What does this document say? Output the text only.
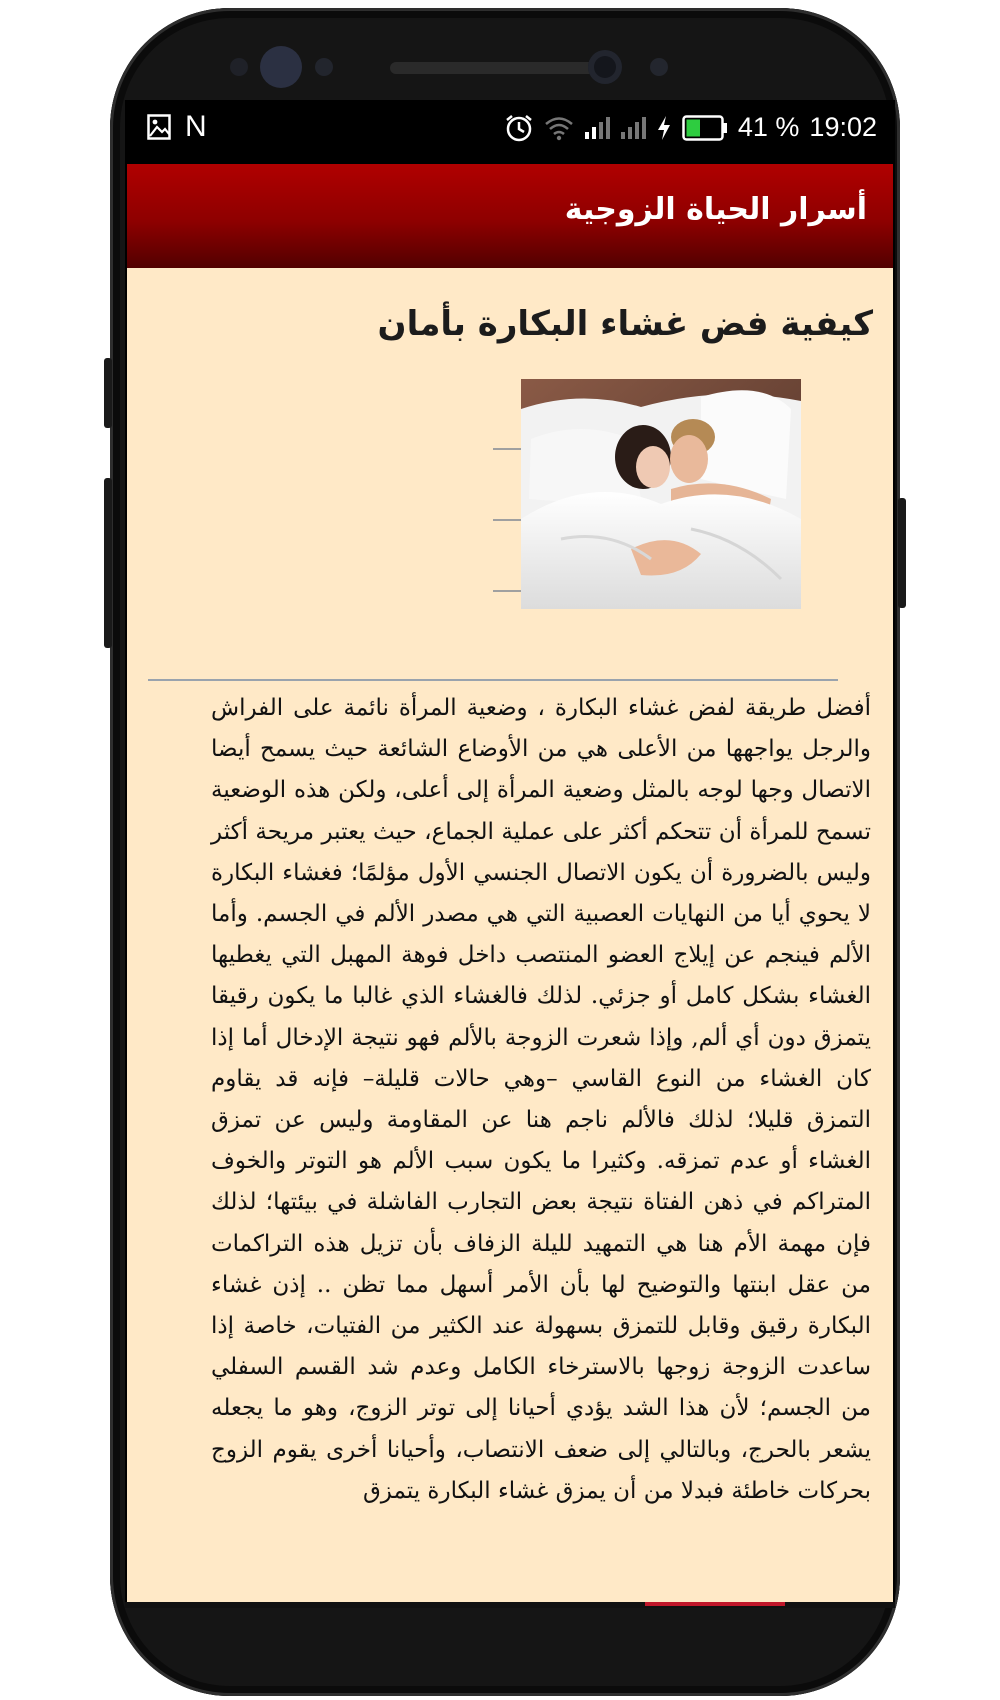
N	41 % 19:02
أسرار الحياة الزوجية
كيفية فض غشاء البكارة بأمان
أفضل طريقة لفض غشاء البكارة ، وضعية المرأة نائمة على الفراش والرجل يواجهها من الأعلى هي من الأوضاع الشائعة حيث يسمح أيضا الاتصال وجها لوجه بالمثل وضعية المرأة إلى أعلى، ولكن هذه الوضعية تسمح للمرأة أن تتحكم أكثر على عملية الجماع، حيث يعتبر مريحة أكثر وليس بالضرورة أن يكون الاتصال الجنسي الأول مؤلمًا؛ فغشاء البكارة لا يحوي أيا من النهايات العصبية التي هي مصدر الألم في الجسم. وأما الألم فينجم عن إيلاج العضو المنتصب داخل فوهة المهبل التي يغطيها الغشاء بشكل كامل أو جزئي. لذلك فالغشاء الذي غالبا ما يكون رقيقا يتمزق دون أي ألم, وإذا شعرت الزوجة بالألم فهو نتيجة الإدخال أما إذا كان الغشاء من النوع القاسي –وهي حالات قليلة– فإنه قد يقاوم التمزق قليلا؛ لذلك فالألم ناجم هنا عن المقاومة وليس عن تمزق الغشاء أو عدم تمزقه. وكثيرا ما يكون سبب الألم هو التوتر والخوف المتراكم في ذهن الفتاة نتيجة بعض التجارب الفاشلة في بيئتها؛ لذلك فإن مهمة الأم هنا هي التمهيد لليلة الزفاف بأن تزيل هذه التراكمات من عقل ابنتها والتوضيح لها بأن الأمر أسهل مما تظن .. إذن غشاء البكارة رقيق وقابل للتمزق بسهولة عند الكثير من الفتيات، خاصة إذا ساعدت الزوجة زوجها بالاسترخاء الكامل وعدم شد القسم السفلي من الجسم؛ لأن هذا الشد يؤدي أحيانا إلى توتر الزوج، وهو ما يجعله يشعر بالحرج، وبالتالي إلى ضعف الانتصاب، وأحيانا أخرى يقوم الزوج بحركات خاطئة فبدلا من أن يمزق غشاء البكارة يتمزق
